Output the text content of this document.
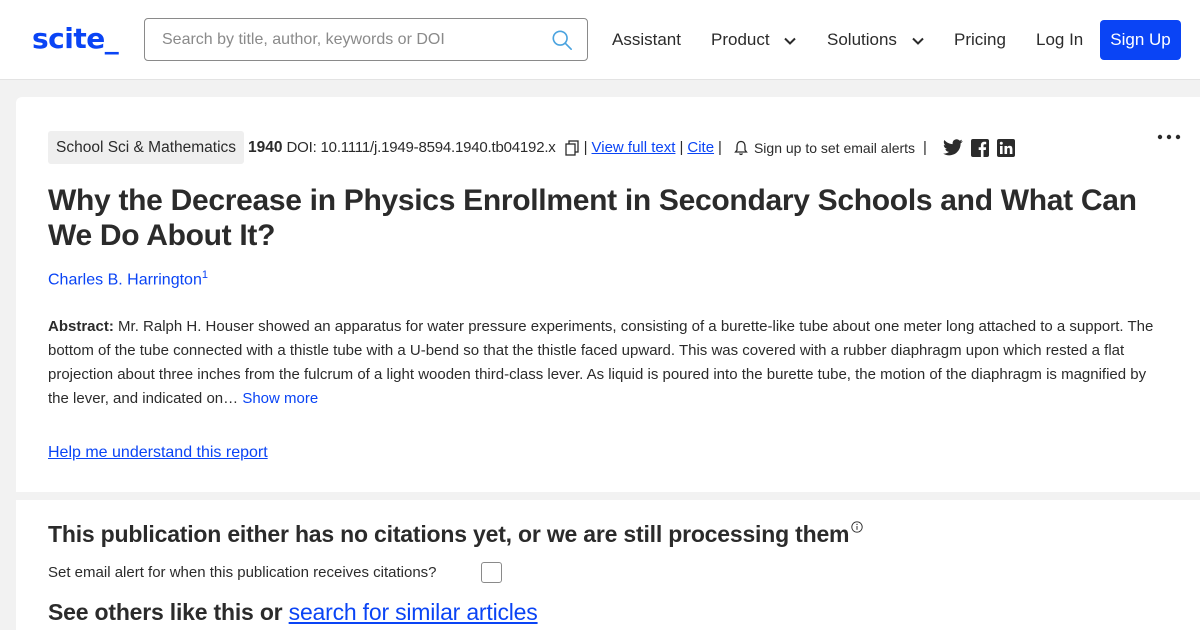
scite_
Search by title, author, keywords or DOI	Assistant Product	Solutions	Pricing Log In	Sign Up
School Sci & Mathematics 1940 DOI: 10.1111/j.1949-8594.1940.tb04192.x | View full text | Cite | Sign up to set email alerts |
Why the Decrease in Physics Enrollment in Secondary Schools and What Can We Do About It?
Charles B. Harrington$^1$

Abstract: Mr. Ralph H. Houser showed an apparatus for water pressure experiments, consisting of a burette-like tube about one meter long attached to a support. The bottom of the tube connected with a thistle tube with a U-bend so that the thistle faced upward. This was covered with a rubber diaphragm upon which rested a flat projection about three inches from the fulcrum of a light wooden third-class lever. As liquid is poured into the burette tube, the motion of the diaphragm is magnified by the lever, and indicated on… Show more

Help me understand this report
This publication either has no citations yet, or we are still processing them
Set email alert for when this publication receives citations?
See others like this or search for similar articles
